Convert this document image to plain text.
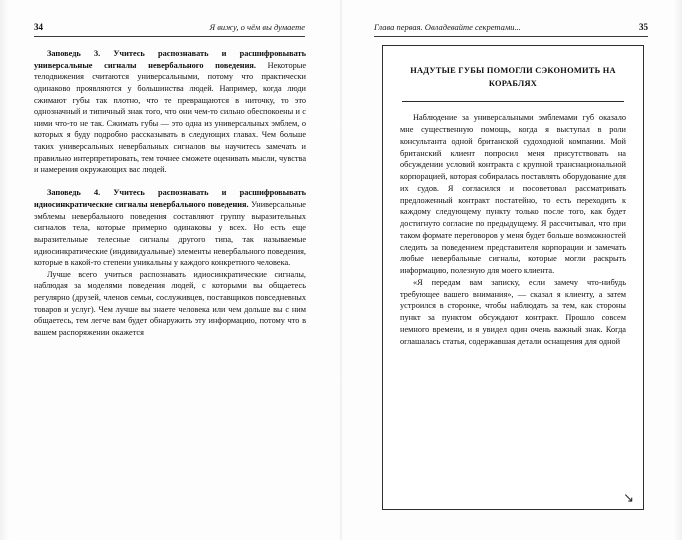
34	Я вижу, о чём вы думаете

Заповедь 3. Учитесь распознавать и расшифровывать универсальные сигналы невербального поведения. Некоторые телодвижения считаются универсальными, потому что практически одинаково проявляются у большинства людей. Например, когда люди сжимают губы так плотно, что те превращаются в ниточку, то это однозначный и типичный знак того, что они чем-то сильно обеспокоены и с ними что-то не так. Сжимать губы — это одна из универсальных эмблем, о которых я буду подробно рассказывать в следующих главах. Чем больше таких универсальных невербальных сигналов вы научитесь замечать и правильно интерпретировать, тем точнее сможете оценивать мысли, чувства и намерения окружающих вас людей.

Заповедь 4. Учитесь распознавать и расшифровывать идиосинкратические сигналы невербального поведения. Универсальные эмблемы невербального поведения составляют группу выразительных сигналов тела, которые примерно одинаковы у всех. Но есть еще выразительные телесные сигналы другого типа, так называемые идиосинкратические (индивидуальные) элементы невербального поведения, которые в какой-то степени уникальны у каждого конкретного человека.

Лучше всего учиться распознавать идиосинкратические сигналы, наблюдая за моделями поведения людей, с которыми вы общаетесь регулярно (друзей, членов семьи, сослуживцев, поставщиков повседневных товаров и услуг). Чем лучше вы знаете человека или чем дольше вы с ним общаетесь, тем легче вам будет обнаружить эту информацию, потому что в вашем распоряжении окажется

Глава первая. Овладевайте секретами...	35
НАДУТЫЕ ГУБЫ ПОМОГЛИ СЭКОНОМИТЬ НА КОРАБЛЯХ

Наблюдение за универсальными эмблемами губ оказало мне существенную помощь, когда я выступал в роли консультанта одной британской судоходной компании. Мой британский клиент попросил меня присутствовать на обсуждении условий контракта с крупной транснациональной корпорацией, которая собиралась поставлять оборудование для их судов. Я согласился и посоветовал рассматривать предложенный контракт постатейно, то есть переходить к каждому следующему пункту только после того, как будет достигнуто согласие по предыдущему. Я рассчитывал, что при таком формате переговоров у меня будет больше возможностей следить за поведением представителя корпорации и замечать любые невербальные сигналы, которые могли раскрыть информацию, полезную для моего клиента.

«Я передам вам записку, если замечу что-нибудь требующее вашего внимания», — сказал я клиенту, а затем устроился в сторонке, чтобы наблюдать за тем, как стороны пункт за пунктом обсуждают контракт. Прошло совсем немного времени, и я увидел один очень важный знак. Когда оглашалась статья, содержавшая детали оснащения для одной

↘
